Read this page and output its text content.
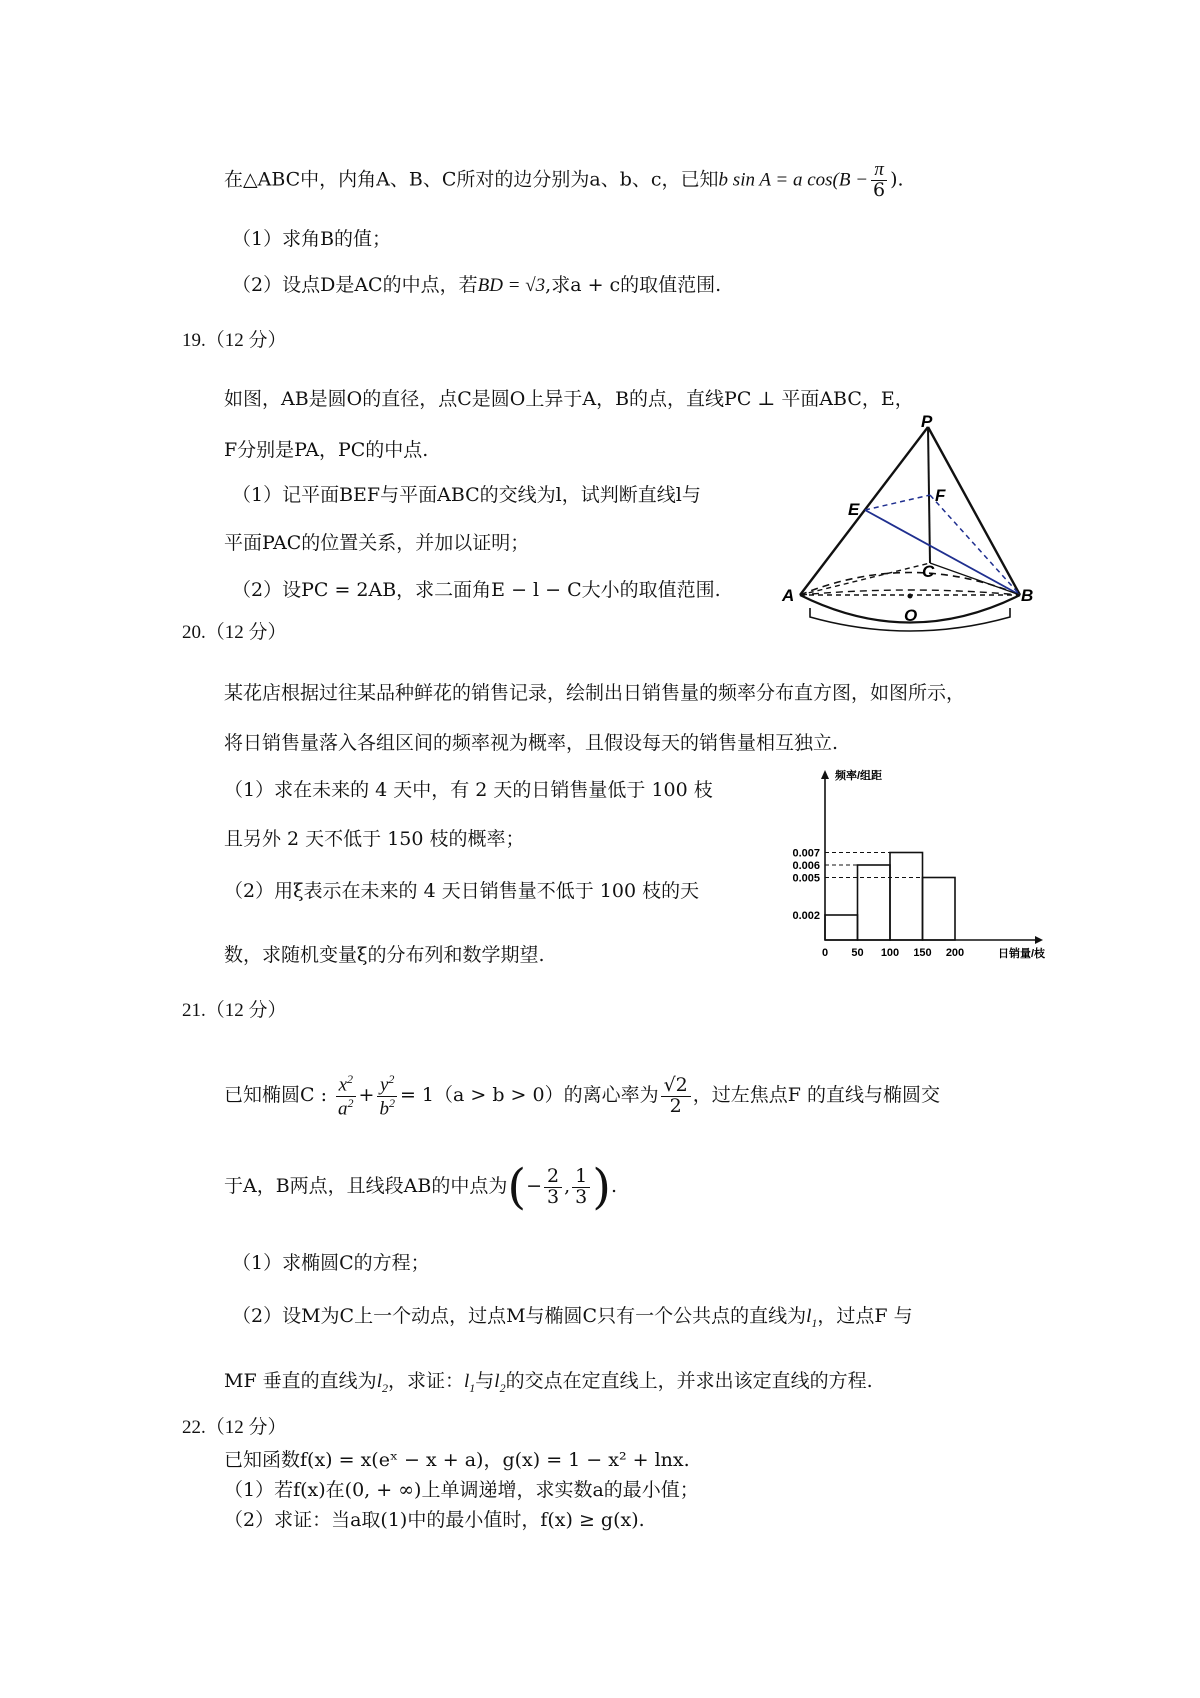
在△ABC中，内角A、B、C所对的边分别为a、b、c，已知b sin A = a $\cos(B - \frac{\pi}{6}$ ).
（1）求角B的值；
（2）设点D是AC的中点，若BD = √3,求a + c的取值范围.
19.（12 分）
如图，AB是圆O的直径，点C是圆O上异于A，B的点，直线PC ⊥ 平面ABC，E，
F分别是PA，PC的中点.
（1）记平面BEF与平面ABC的交线为l，试判断直线l与
平面PAC的位置关系，并加以证明；
（2）设PC = 2AB，求二面角E − l − C大小的取值范围.
P
E
F
C
A	B
O
20.（12 分）
某花店根据过往某品种鲜花的销售记录，绘制出日销售量的频率分布直方图，如图所示，
将日销售量落入各组区间的频率视为概率，且假设每天的销售量相互独立.
（1）求在未来的 4 天中，有 2 天的日销售量低于 100 枝
且另外 2 天不低于 150 枝的概率；
（2）用ξ表示在未来的 4 天日销售量不低于 100 枝的天
数，求随机变量ξ的分布列和数学期望.
0.002
0.005
0.006
0.007
0 50 100 150 200
频率/组距
日销量/枝
21.（12 分）
已知椭圆C : $\frac{x^2}{a^2} + \frac{y^2}{b^2} = 1(a > b > 0)$的离心率为 $\frac{√2}{2}$ ，过左焦点F 的直线与椭圆交
于A，B两点，且线段AB的中点为(− $\frac{2}{3}$ , $\frac{1}{3}$ ).
（1）求椭圆C的方程；
（2）设M为C上一个动点，过点M与椭圆C只有一个公共点的直线为$l_1$，过点F 与
MF 垂直的直线为$l_2$，求证：$l_1$与$l_2$的交点在定直线上，并求出该定直线的方程.
22.（12 分）
已知函数f(x) = x(eˣ − x + a)，g(x) = 1 − x² + lnx.
（1）若f(x)在(0, + ∞)上单调递增，求实数a的最小值；
（2）求证：当a取(1)中的最小值时，f(x) ≥ g(x).
